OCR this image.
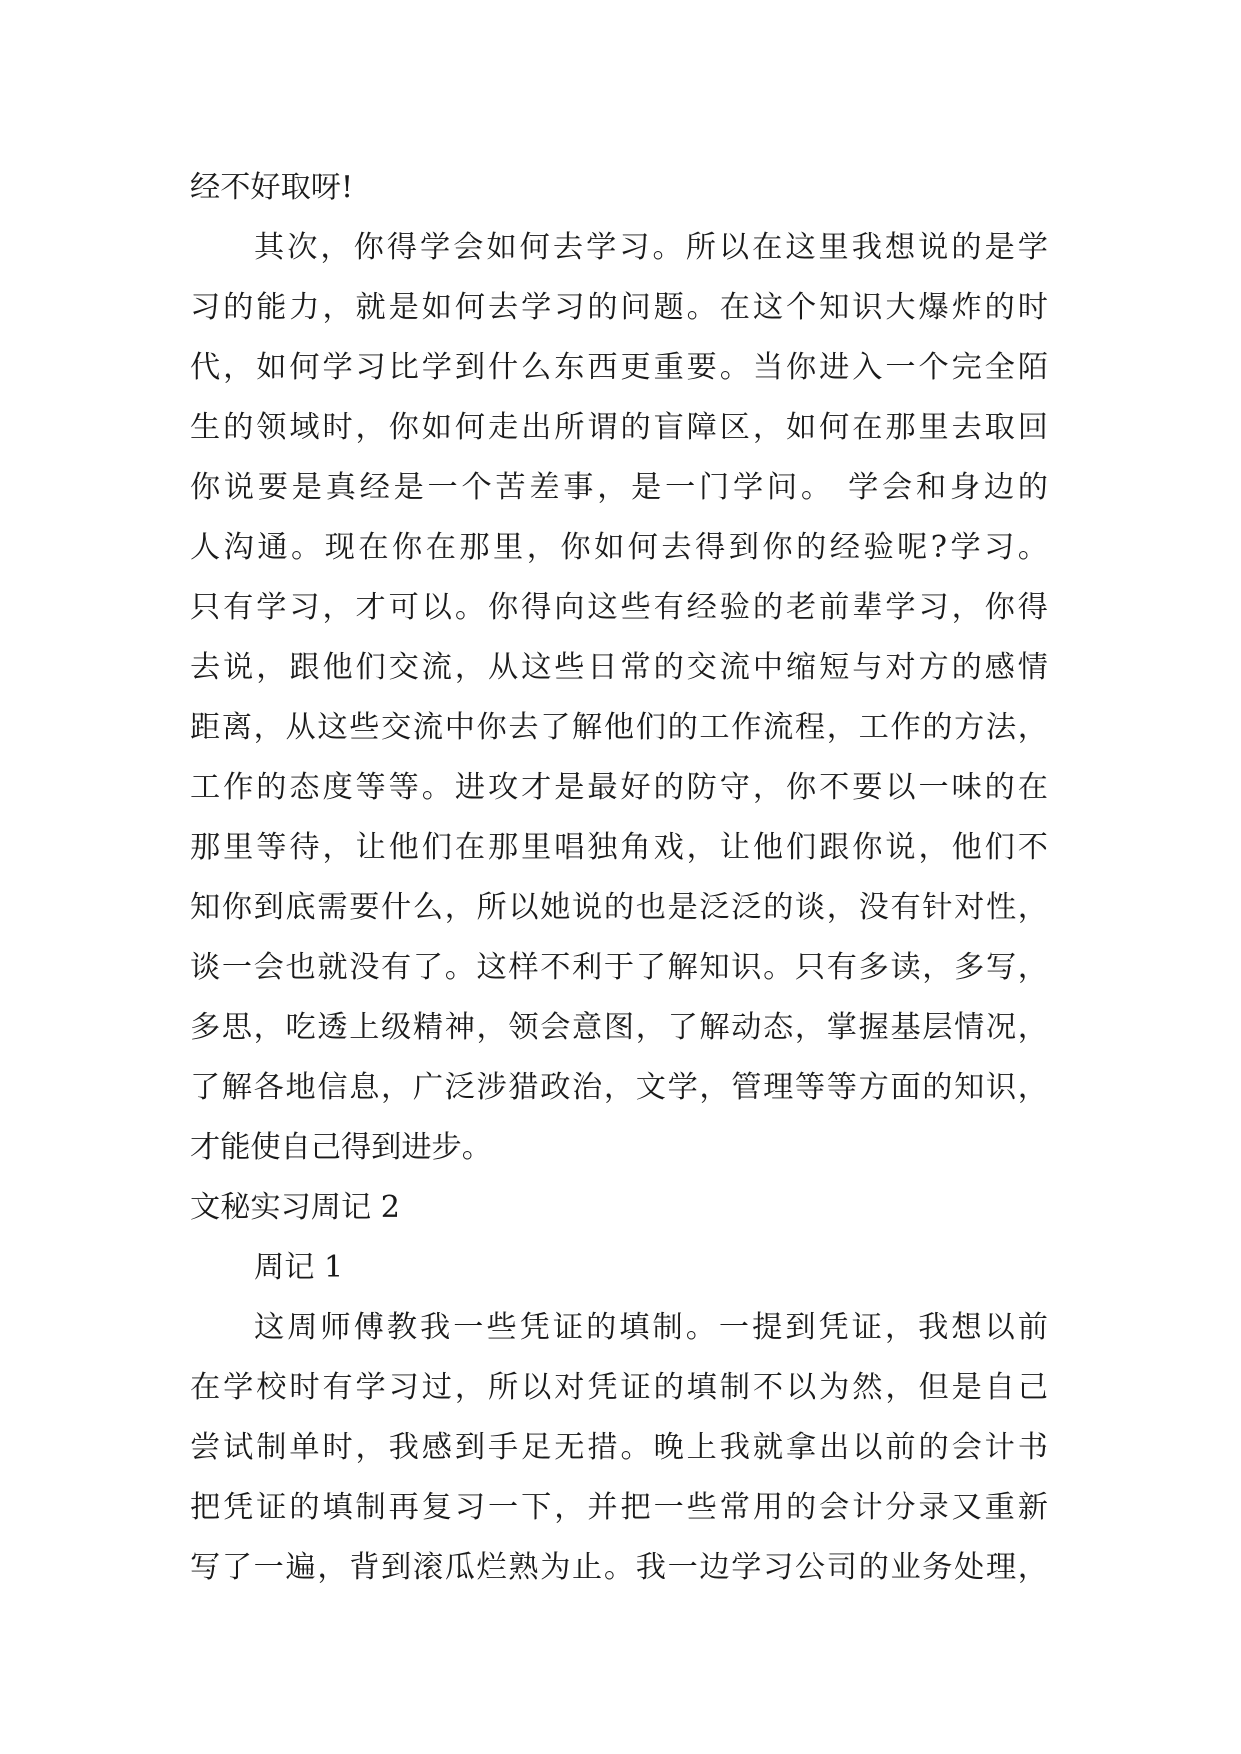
经不好取呀!
其次，你得学会如何去学习。所以在这里我想说的是学
习的能力，就是如何去学习的问题。在这个知识大爆炸的时
代，如何学习比学到什么东西更重要。当你进入一个完全陌
生的领域时，你如何走出所谓的盲障区，如何在那里去取回
你说要是真经是一个苦差事，是一门学问。 学会和身边的
人沟通。现在你在那里，你如何去得到你的经验呢?学习。
只有学习，才可以。你得向这些有经验的老前辈学习，你得
去说，跟他们交流，从这些日常的交流中缩短与对方的感情
距离，从这些交流中你去了解他们的工作流程，工作的方法，
工作的态度等等。进攻才是最好的防守，你不要以一味的在
那里等待，让他们在那里唱独角戏，让他们跟你说，他们不
知你到底需要什么，所以她说的也是泛泛的谈，没有针对性，
谈一会也就没有了。这样不利于了解知识。只有多读，多写，
多思，吃透上级精神，领会意图，了解动态，掌握基层情况，
了解各地信息，广泛涉猎政治，文学，管理等等方面的知识，
才能使自己得到进步。
文秘实习周记 2
周记 1
这周师傅教我一些凭证的填制。一提到凭证，我想以前
在学校时有学习过，所以对凭证的填制不以为然，但是自己
尝试制单时，我感到手足无措。晚上我就拿出以前的会计书
把凭证的填制再复习一下，并把一些常用的会计分录又重新
写了一遍，背到滚瓜烂熟为止。我一边学习公司的业务处理，
